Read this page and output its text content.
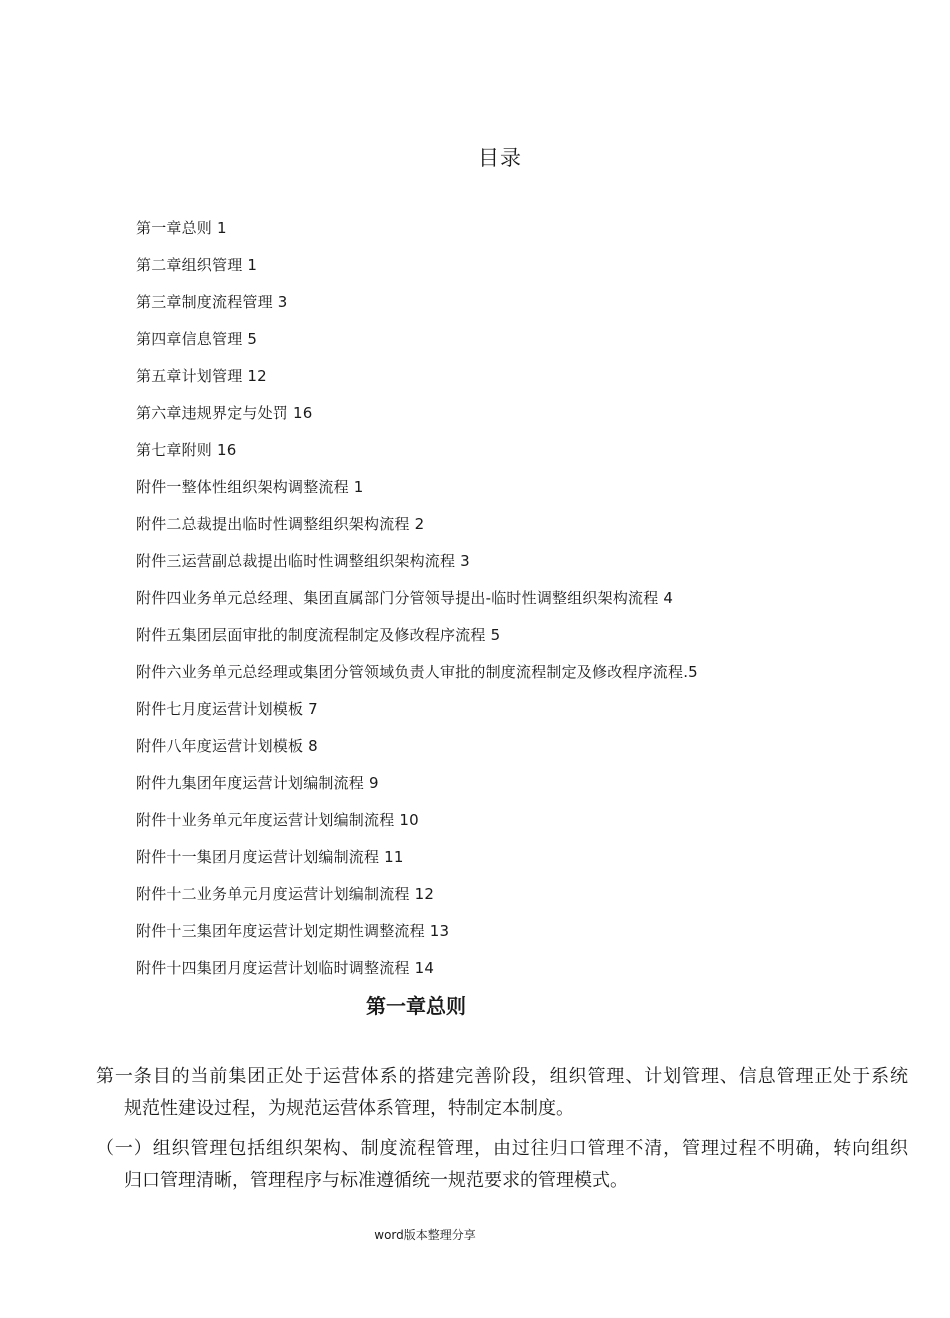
目录
第一章总则 1
第二章组织管理 1
第三章制度流程管理 3
第四章信息管理 5
第五章计划管理 12
第六章违规界定与处罚 16
第七章附则 16
附件一整体性组织架构调整流程 1
附件二总裁提出临时性调整组织架构流程 2
附件三运营副总裁提出临时性调整组织架构流程 3
附件四业务单元总经理、集团直属部门分管领导提出-临时性调整组织架构流程 4
附件五集团层面审批的制度流程制定及修改程序流程 5
附件六业务单元总经理或集团分管领域负责人审批的制度流程制定及修改程序流程.5
附件七月度运营计划模板 7
附件八年度运营计划模板 8
附件九集团年度运营计划编制流程 9
附件十业务单元年度运营计划编制流程 10
附件十一集团月度运营计划编制流程 11
附件十二业务单元月度运营计划编制流程 12
附件十三集团年度运营计划定期性调整流程 13
附件十四集团月度运营计划临时调整流程 14
第一章总则

第一条目的当前集团正处于运营体系的搭建完善阶段，组织管理、计划管理、信息管理正处于系统
规范性建设过程，为规范运营体系管理，特制定本制度。

（一）组织管理包括组织架构、制度流程管理，由过往归口管理不清，管理过程不明确，转向组织
归口管理清晰，管理程序与标准遵循统一规范要求的管理模式。

word版本整理分享
